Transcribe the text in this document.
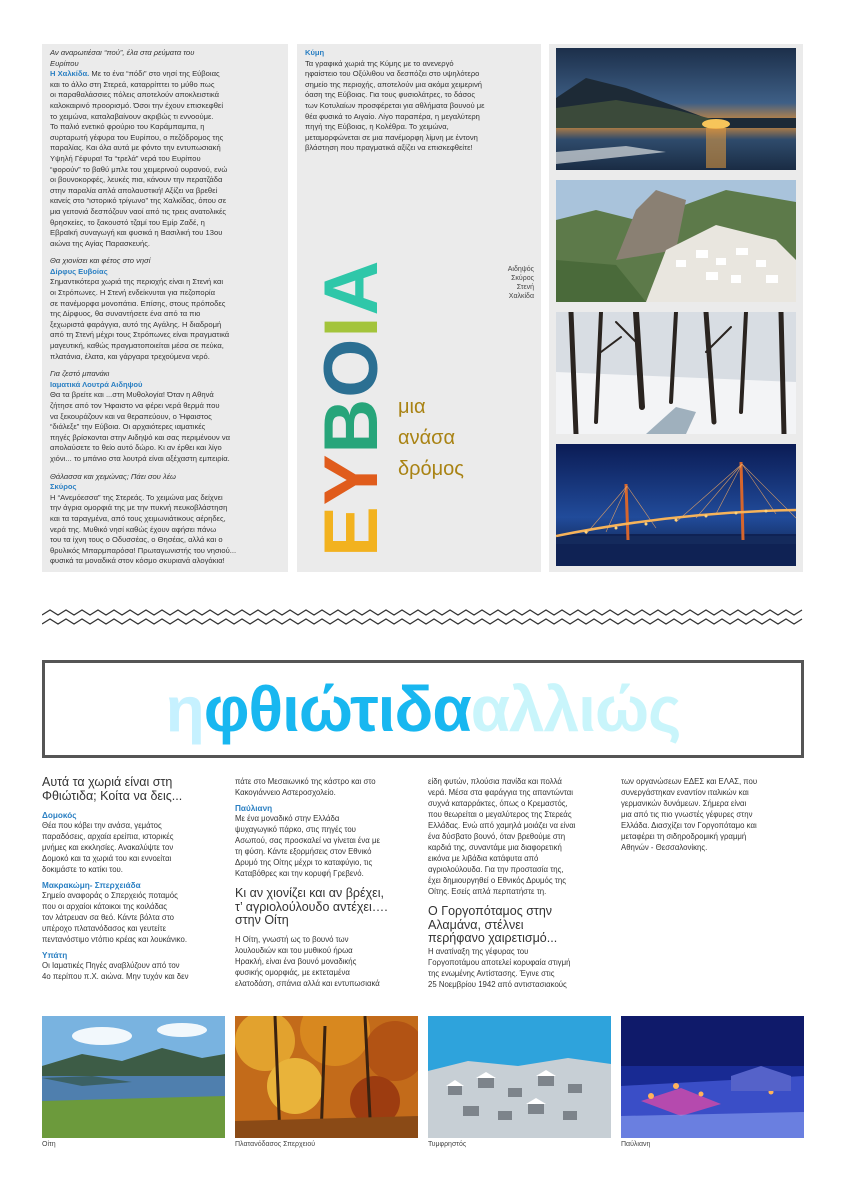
Αν αναρωτιέσαι “πού”, έλα στα ρεύματα του

Ευρίπου

Η Χαλκίδα. Με το ένα “πόδι” στο νησί της Εύβοιας

και το άλλο στη Στερεά, καταρρίπτει το μύθο πως

οι παραθαλάσσιες πόλεις αποτελούν αποκλειστικά

καλοκαιρινό προορισμό. Όσοι την έχουν επισκεφθεί

το χειμώνα, καταλαβαίνουν ακριβώς τι εννοούμε.

Το παλιό ενετικό φρούριο του Καράμπαμπα, η

συρταρωτή γέφυρα του Ευρίπου, ο πεζόδρομος της

παραλίας. Και όλα αυτά με φόντο την εντυπωσιακή

Υψηλή Γέφυρα! Τα “τρελά” νερά του Ευρίπου

“φορούν” το βαθύ μπλε του χειμερινού ουρανού, ενώ

οι βουνοκορφές, λευκές πια, κάνουν την περατζάδα

στην παραλία απλά απολαυστική! Αξίζει να βρεθεί

κανείς στο “ιστορικό τρίγωνο” της Χαλκίδας, όπου σε

μια γειτονιά δεσπόζουν ναοί από τις τρεις ανατολικές

θρησκείες, το ξακουστό τζαμί του Εμίρ Ζαδέ, η

Εβραϊκή συναγωγή και φυσικά η Βασιλική του 13ου

αιώνα της Αγίας Παρασκευής.

Θα χιονίσει και φέτος στο νησί

Δίρφυς Ευβοίας

Σημαντικότερα χωριά της περιοχής είναι η Στενή και

οι Στρόπωνες. Η Στενή ενδείκνυται για πεζοπορία

σε πανέμορφα μονοπάτια. Επίσης, στους πρόποδες

της Δίρφυος, θα συναντήσετε ένα από τα πιο

ξεχωριστά φαράγγια, αυτό της Αγάλης. Η διαδρομή

από τη Στενή μέχρι τους Στρόπωνες είναι πραγματικά

μαγευτική, καθώς πραγματοποιείται μέσα σε πεύκα,

πλατάνια, έλατα, και γάργαρα τρεχούμενα νερό.

Για ζεστό μπανάκι

Ιαματικά Λουτρά Αιδηψού

Θα τα βρείτε και ...στη Μυθολογία! Όταν η Αθηνά

ζήτησε από τον Ήφαιστο να φέρει νερά θερμά που

να ξεκουράζουν και να θεραπεύουν, ο Ήφαιστος

“διάλεξε” την Εύβοια. Οι αρχαιότερες ιαματικές

πηγές βρίσκονται στην Αιδηψό και σας περιμένουν να

απολαύσετε το θείο αυτό δώρο. Κι αν έρθει και λίγο

χιόνι... το μπάνιο στα λουτρά είναι αξέχαστη εμπειρία.

Θάλασσα και χειμώνας; Πάει σου λέω

Σκύρος

Η “Ανεμόεσσα” της Στερεάς. Το χειμώνα μας δείχνει

την άγρια ομορφιά της με την πυκνή πευκοβλάστηση

και τα ταραγμένα, από τους χειμωνιάτικους αέρηδες,

νερά της. Μυθικό νησί καθώς έχουν αφήσει πάνω

του τα ίχνη τους ο Οδυσσέας, ο Θησέας, αλλά και ο

θρυλικός Μπαρμπαρόσα! Πρωταγωνιστής του νησιού...

φυσικά τα μοναδικά στον κόσμο σκυριανά αλογάκια!

Κύμη

Τα γραφικά χωριά της Κύμης με το ανενεργό

ηφαίστειο του Οξύλιθου να δεσπόζει στο υψηλότερο

σημείο της περιοχής, αποτελούν μια ακόμα χειμερινή

όαση της Εύβοιας. Για τους φυσιολάτρες, το δάσος

των Κοτυλαίων προσφέρεται για αθλήματα βουνού με

θέα φυσικά το Αιγαίο. Λίγο παραπέρα, η μεγαλύτερη

πηγή της Εύβοιας, η Κολέθρα. Το χειμώνα,

μεταμορφώνεται σε μια πανέμορφη λίμνη με έντονη

βλάστηση που πραγματικά αξίζει να επισκεφθείτε!

ΕΥΒΟΙΑ

μια

ανάσα

δρόμος

Αιδηψός

Σκύρος

Στενή

Χαλκίδα

ηφθιώτιδααλλιώς

Αυτά τα χωριά είναι στη

Φθιώτιδα; Κοίτα να δεις...

Δομοκός

Θέα που κόβει την ανάσα, γεμάτος

παραδόσεις, αρχαία ερείπια, ιστορικές

μνήμες και εκκλησίες. Ανακαλύψτε τον

Δομοκό και τα χωριά του και εννοείται

δοκιμάστε το κατίκι του.

Μακρακώμη- Σπερχειάδα

Σημείο αναφοράς ο Σπερχειός ποταμός

που οι αρχαίοι κάτοικοι της κοιλάδας

τον λάτρευαν σα θεό. Κάντε βόλτα στο

υπέροχο πλατανόδασος και γευτείτε

πεντανόστιμο ντόπιο κρέας και λουκάνικο.

Υπάτη

Οι Ιαματικές Πηγές αναβλύζουν από τον

4ο περίπου π.Χ. αιώνα. Μην τυχόν και δεν

πάτε στο Μεσαιωνικό της κάστρο και στο

Κακογιάννειο Αστεροσχολείο.

Παύλιανη

Με ένα μοναδικό στην Ελλάδα

ψυχαγωγικό πάρκο, στις πηγές του

Ασωπού, σας προσκαλεί να γίνεται ένα με

τη φύση. Κάντε εξορμήσεις στον Εθνικό

Δρυμό της Οίτης μέχρι το καταφύγιο, τις

Καταβόθρες και την κορυφή Γρεβενό.

Κι αν χιονίζει και αν βρέχει,

τ’ αγριολούλουδο αντέχει….

στην Οίτη

Η Οίτη, γνωστή ως το βουνό των

λουλουδιών και του μυθικού ήρωα

Ηρακλή, είναι ένα βουνό μοναδικής

φυσικής ομορφιάς, με εκτεταμένα

ελατοδάση, σπάνια αλλά και εντυπωσιακά

είδη φυτών, πλούσια πανίδα και πολλά

νερά. Μέσα στα φαράγγια της απαντώνται

συχνά καταρράκτες, όπως ο Κρεμαστός,

που θεωρείται ο μεγαλύτερος της Στερεάς

Ελλάδας. Ενώ από χαμηλά μοιάζει να είναι

ένα δύσβατο βουνό, όταν βρεθούμε στη

καρδιά της, συναντάμε μια διαφορετική

εικόνα με λιβάδια κατάφυτα από

αγριολούλουδα. Για την προστασία της,

έχει δημιουργηθεί ο Εθνικός Δρυμός της

Οίτης. Εσείς απλά περπατήστε τη.

Ο Γοργοπόταμος στην

Αλαμάνα, στέλνει

περήφανο χαιρετισμό...

Η ανατίναξη της γέφυρας του

Γοργοποτάμου αποτελεί κορυφαία στιγμή

της ενωμένης Αντίστασης. Έγινε στις

25 Νοεμβρίου 1942 από αντιστασιακούς

των οργανώσεων ΕΔΕΣ και ΕΛΑΣ, που

συνεργάστηκαν εναντίον ιταλικών και

γερμανικών δυνάμεων. Σήμερα είναι

μια από τις πιο γνωστές γέφυρες στην

Ελλάδα. Διασχίζει τον Γοργοπόταμο και

μεταφέρει τη σιδηροδρομική γραμμή

Αθηνών - Θεσσαλονίκης.

Οίτη	Πλατανόδασος Σπερχειού	Τυμφρηστός	Παύλιανη
